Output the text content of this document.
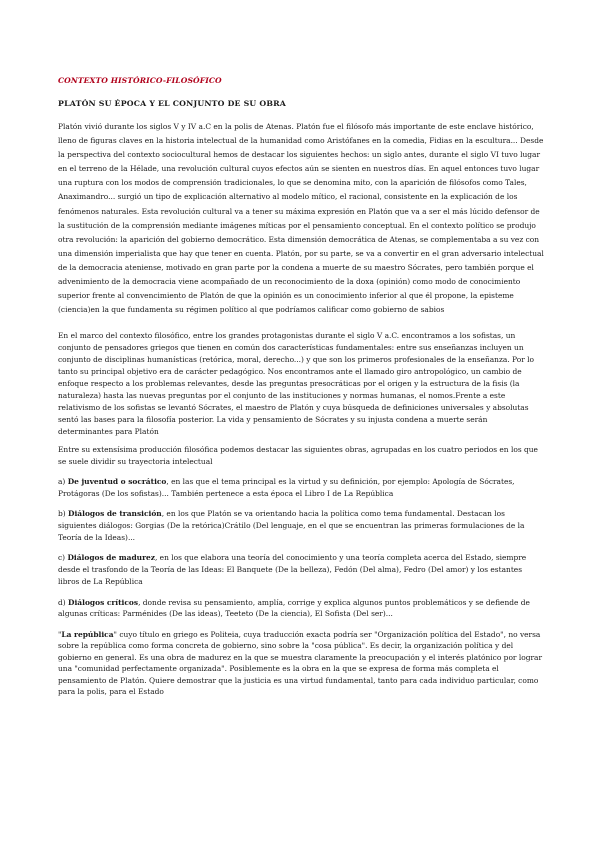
CONTEXTO HISTÓRICO-FILOSÓFICO
PLATÓN SU ÉPOCA Y EL CONJUNTO DE SU OBRA

Platón vivió durante los siglos V y IV a.C en la polis de Atenas. Platón fue el filósofo más importante de este enclave histórico, lleno de figuras claves en la historia intelectual de la humanidad como Aristófanes en la comedia, Fidias en la escultura... Desde la perspectiva del contexto sociocultural hemos de destacar los siguientes hechos: un siglo antes, durante el siglo VI tuvo lugar en el terreno de la Hélade, una revolución cultural cuyos efectos aún se sienten en nuestros días. En aquel entonces tuvo lugar una ruptura con los modos de comprensión tradicionales, lo que se denomina mito, con la aparición de filósofos como Tales, Anaximandro... surgió un tipo de explicación alternativo al modelo mítico, el racional, consistente en la explicación de los fenómenos naturales. Esta revolución cultural va a tener su máxima expresión en Platón que va a ser el más lúcido defensor de la sustitución de la comprensión mediante imágenes míticas por el pensamiento conceptual. En el contexto político se produjo otra revolución: la aparición del gobierno democrático. Esta dimensión democrática de Atenas, se complementaba a su vez con una dimensión imperialista que hay que tener en cuenta. Platón, por su parte, se va a convertir en el gran adversario intelectual de la democracia ateniense, motivado en gran parte por la condena a muerte de su maestro Sócrates, pero también porque el advenimiento de la democracia viene acompañado de un reconocimiento de la doxa (opinión) como modo de conocimiento superior frente al convencimiento de Platón de que la opinión es un conocimiento inferior al que él propone, la episteme (ciencia)en la que fundamenta su régimen político al que podríamos calificar como gobierno de sabios

En el marco del contexto filosófico, entre los grandes protagonistas durante el siglo V a.C. encontramos a los sofistas, un conjunto de pensadores griegos que tienen en común dos características fundamentales: entre sus enseñanzas incluyen un conjunto de disciplinas humanísticas (retórica, moral, derecho...) y que son los primeros profesionales de la enseñanza. Por lo tanto su principal objetivo era de carácter pedagógico. Nos encontramos ante el llamado giro antropológico, un cambio de enfoque respecto a los problemas relevantes, desde las preguntas presocráticas por el origen y la estructura de la fisis (la naturaleza) hasta las nuevas preguntas por el conjunto de las instituciones y normas humanas, el nomos.Frente a este relativismo de los sofistas se levantó Sócrates, el maestro de Platón y cuya búsqueda de definiciones universales y absolutas sentó las bases para la filosofía posterior. La vida y pensamiento de Sócrates y su injusta condena a muerte serán determinantes para Platón

Entre su extensísima producción filosófica podemos destacar las siguientes obras, agrupadas en los cuatro periodos en los que se suele dividir su trayectoria intelectual

a) De juventud o socrático, en las que el tema principal es la virtud y su definición, por ejemplo: Apología de Sócrates, Protágoras (De los sofistas)... También pertenece a esta época el Libro I de La República

b) Diálogos de transición, en los que Platón se va orientando hacia la política como tema fundamental. Destacan los siguientes diálogos: Gorgias (De la retórica)Crátilo (Del lenguaje, en el que se encuentran las primeras formulaciones de la Teoría de la Ideas)...

c) Diálogos de madurez, en los que elabora una teoría del conocimiento y una teoría completa acerca del Estado, siempre desde el trasfondo de la Teoría de las Ideas: El Banquete (De la belleza), Fedón (Del alma), Fedro (Del amor) y los estantes libros de La República

d) Diálogos críticos, donde revisa su pensamiento, amplía, corrige y explica algunos puntos problemáticos y se defiende de algunas críticas: Parménides (De las ideas), Teeteto (De la ciencia), El Sofista (Del ser)...

"La república" cuyo título en griego es Politeia, cuya traducción exacta podría ser "Organización política del Estado", no versa sobre la república como forma concreta de gobierno, sino sobre la "cosa pública". Es decir, la organización política y del gobierno en general. Es una obra de madurez en la que se muestra claramente la preocupación y el interés platónico por lograr una "comunidad perfectamente organizada". Posiblemente es la obra en la que se expresa de forma más completa el pensamiento de Platón. Quiere demostrar que la justicia es una virtud fundamental, tanto para cada individuo particular, como para la polis, para el Estado
